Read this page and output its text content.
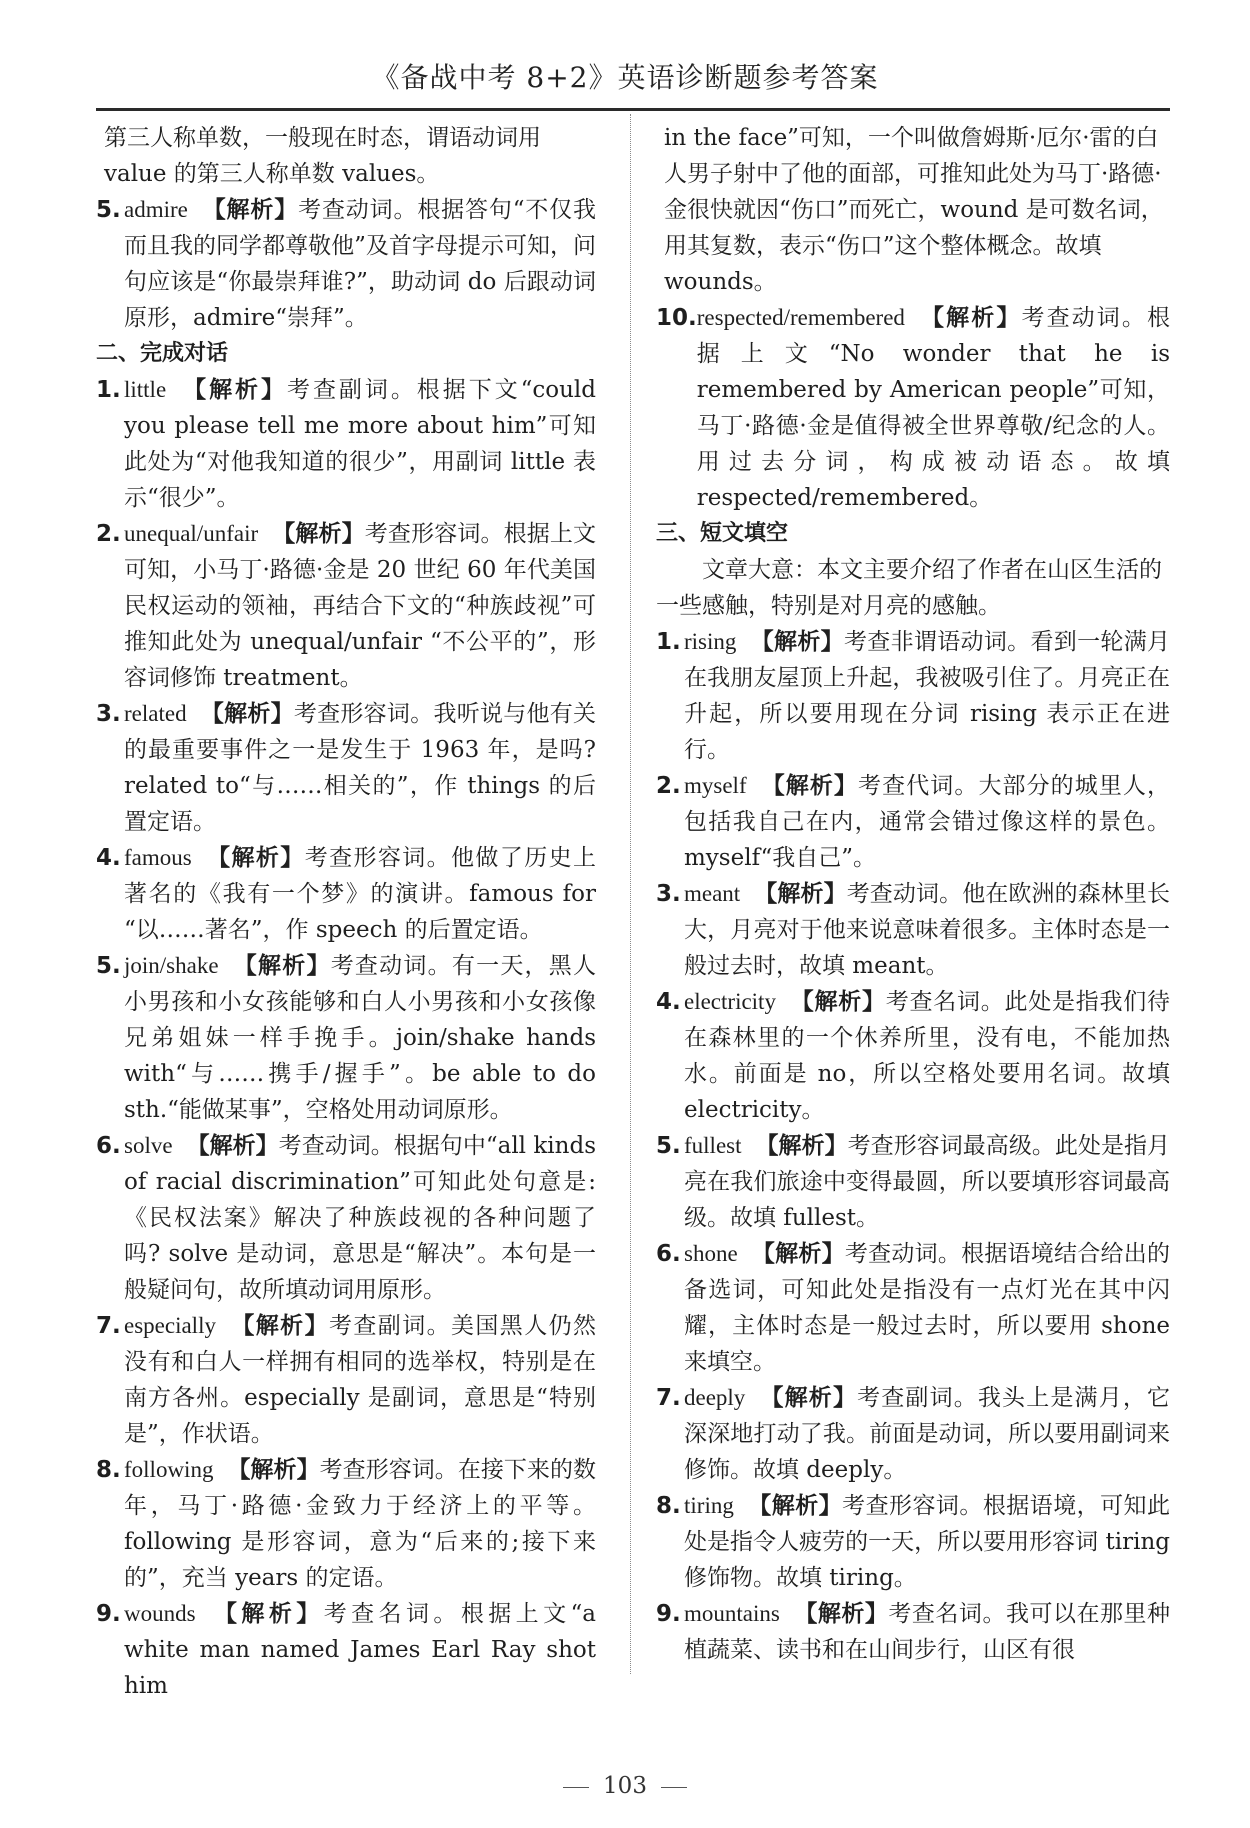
《备战中考 8+2》英语诊断题参考答案

第三人称单数，一般现在时态，谓语动词用value 的第三人称单数 values。

5. admire 【解析】考查动词。根据答句“不仅我而且我的同学都尊敬他”及首字母提示可知，问句应该是“你最崇拜谁?”，助动词 do 后跟动词原形，admire“崇拜”。

二、完成对话

1. little 【解析】考查副词。根据下文“could you please tell me more about him”可知此处为“对他我知道的很少”，用副词 little 表示“很少”。
2. unequal/unfair 【解析】考查形容词。根据上文可知，小马丁·路德·金是 20 世纪 60 年代美国民权运动的领袖，再结合下文的“种族歧视”可推知此处为 unequal/unfair “不公平的”，形容词修饰 treatment。
3. related 【解析】考查形容词。我听说与他有关的最重要事件之一是发生于 1963 年，是吗? related to“与……相关的”，作 things 的后置定语。
4. famous 【解析】考查形容词。他做了历史上著名的《我有一个梦》的演讲。famous for “以……著名”，作 speech 的后置定语。
5. join/shake 【解析】考查动词。有一天，黑人小男孩和小女孩能够和白人小男孩和小女孩像兄弟姐妹一样手挽手。join/shake hands with“与……携手/握手”。be able to do sth.“能做某事”，空格处用动词原形。
6. solve 【解析】考查动词。根据句中“all kinds of racial discrimination”可知此处句意是:《民权法案》解决了种族歧视的各种问题了吗? solve 是动词，意思是“解决”。本句是一般疑问句，故所填动词用原形。
7. especially 【解析】考查副词。美国黑人仍然没有和白人一样拥有相同的选举权，特别是在南方各州。especially 是副词，意思是“特别是”，作状语。
8. following 【解析】考查形容词。在接下来的数年，马丁·路德·金致力于经济上的平等。following 是形容词，意为“后来的;接下来的”，充当 years 的定语。
9. wounds 【解析】考查名词。根据上文“a white man named James Earl Ray shot him

in the face”可知，一个叫做詹姆斯·厄尔·雷的白人男子射中了他的面部，可推知此处为马丁·路德·金很快就因“伤口”而死亡，wound 是可数名词，用其复数，表示“伤口”这个整体概念。故填 wounds。

10. respected/remembered 【解析】考查动词。根据上文“No wonder that he is remembered by American people”可知，马丁·路德·金是值得被全世界尊敬/纪念的人。用过去分词，构成被动语态。故填 respected/remembered。

三、短文填空

文章大意：本文主要介绍了作者在山区生活的一些感触，特别是对月亮的感触。

1. rising 【解析】考查非谓语动词。看到一轮满月在我朋友屋顶上升起，我被吸引住了。月亮正在升起，所以要用现在分词 rising 表示正在进行。
2. myself 【解析】考查代词。大部分的城里人，包括我自己在内，通常会错过像这样的景色。myself“我自己”。
3. meant 【解析】考查动词。他在欧洲的森林里长大，月亮对于他来说意味着很多。主体时态是一般过去时，故填 meant。
4. electricity 【解析】考查名词。此处是指我们待在森林里的一个休养所里，没有电，不能加热水。前面是 no，所以空格处要用名词。故填 electricity。
5. fullest 【解析】考查形容词最高级。此处是指月亮在我们旅途中变得最圆，所以要填形容词最高级。故填 fullest。
6. shone 【解析】考查动词。根据语境结合给出的备选词，可知此处是指没有一点灯光在其中闪耀，主体时态是一般过去时，所以要用 shone 来填空。
7. deeply 【解析】考查副词。我头上是满月，它深深地打动了我。前面是动词，所以要用副词来修饰。故填 deeply。
8. tiring 【解析】考查形容词。根据语境，可知此处是指令人疲劳的一天，所以要用形容词 tiring 修饰物。故填 tiring。
9. mountains 【解析】考查名词。我可以在那里种植蔬菜、读书和在山间步行，山区有很
103
